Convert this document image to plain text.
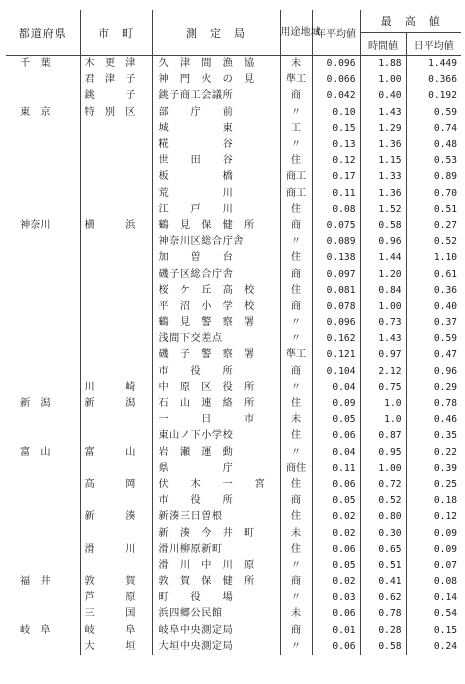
都道府県	市　町	測　定　局	用途地域	年平均値	最　高　値	
					時間値	日平均値
千　葉	木　更　津	久　津　間　漁　協	未	0.096	1.88	1.449
	君　津　子	神　門　火　の　見	準工	0.066	1.00	0.366
	銚　　　子	銚子商工会議所	商	0.042	0.40	0.192
東　京	特　別　区	部　　庁　　前	〃	0.10	1.43	0.59
		城　　　　　東	工	0.15	1.29	0.74
		糀　　　　　谷	〃	0.13	1.36	0.48
		世　　田　　谷	住	0.12	1.15	0.53
		板　　　　　橋	商工	0.17	1.33	0.89
		荒　　　　　川	商工	0.11	1.36	0.70
		江　　戸　　川	住	0.08	1.52	0.51
神奈川	横　　　浜	鶴　見　保　健　所	商	0.075	0.58	0.27
		神奈川区総合庁舎	〃	0.089	0.96	0.52
		加　　曽　　台	住	0.138	1.44	1.10
		磯子区総合庁舎	商	0.097	1.20	0.61
		桜　ケ　丘　高　校	住	0.081	0.84	0.36
		平　沼　小　学　校	商	0.078	1.00	0.40
		鶴　見　警　察　署	〃	0.096	0.73	0.37
		浅間下交差点	〃	0.162	1.43	0.59
		磯　子　警　察　署	準工	0.121	0.97	0.47
		市　　役　　所	商	0.104	2.12	0.96
	川　　　崎	中　原　区　役　所	〃	0.04	0.75	0.29
新　潟	新　　　潟	石　山　連　絡　所	住	0.09	1.0	0.78
		一　　　日　　　市	未	0.05	1.0	0.46
		東山ノ下小学校	住	0.06	0.87	0.35
富　山	富　　　山	岩　瀬　運　動	〃	0.04	0.95	0.22
		県　　　　　庁	商住	0.11	1.00	0.39
	高　　　岡	伏　　木　　一　　宮	住	0.06	0.72	0.25
		市　　役　　所	商	0.05	0.52	0.18
	新　　　湊	新湊三日曽根	住	0.02	0.80	0.12
		新　湊　今　井　町	未	0.02	0.30	0.09
	滑　　　川	滑川柳原新町	住	0.06	0.65	0.09
		滑　川　中　川　原	〃	0.05	0.51	0.07
福　井	敦　　　賀	敦　賀　保　健　所	商	0.02	0.41	0.08
	芦　　　原	町　　役　　場	〃	0.03	0.62	0.14
	三　　　国	浜四郷公民館	未	0.06	0.78	0.54
岐　阜	岐　　　阜	岐阜中央測定局	商	0.01	0.28	0.15
	大　　　垣	大垣中央測定局	〃	0.06	0.58	0.24
